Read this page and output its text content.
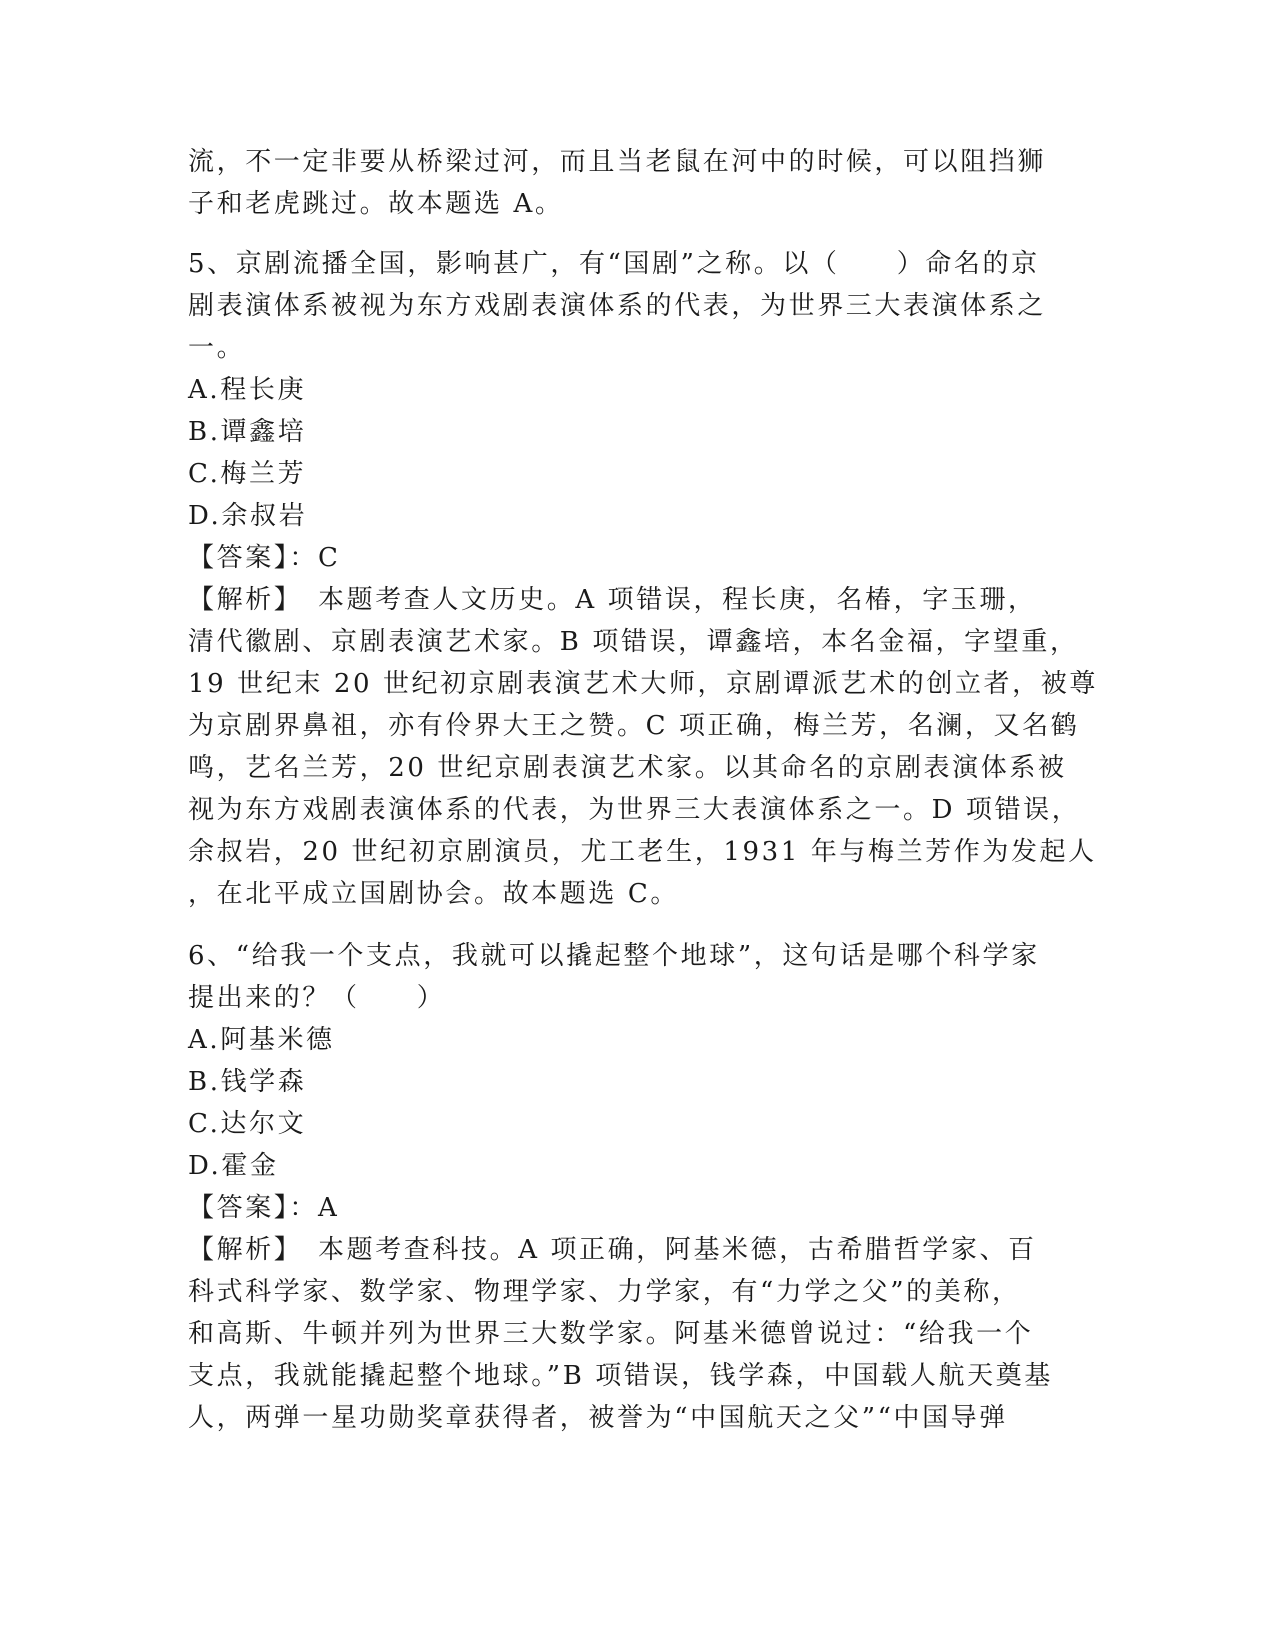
流，不一定非要从桥梁过河，而且当老鼠在河中的时候，可以阻挡狮
子和老虎跳过。故本题选 A。
5、京剧流播全国，影响甚广，有“国剧”之称。以（　　）命名的京
剧表演体系被视为东方戏剧表演体系的代表，为世界三大表演体系之
一。
A.程长庚
B.谭鑫培
C.梅兰芳
D.余叔岩
【答案】：C
【解析】　本题考查人文历史。A 项错误，程长庚，名椿，字玉珊，
清代徽剧、京剧表演艺术家。B 项错误，谭鑫培，本名金福，字望重，
19 世纪末 20 世纪初京剧表演艺术大师，京剧谭派艺术的创立者，被尊
为京剧界鼻祖，亦有伶界大王之赞。C 项正确，梅兰芳，名澜，又名鹤
鸣，艺名兰芳，20 世纪京剧表演艺术家。以其命名的京剧表演体系被
视为东方戏剧表演体系的代表，为世界三大表演体系之一。D 项错误，
余叔岩，20 世纪初京剧演员，尤工老生，1931 年与梅兰芳作为发起人
，在北平成立国剧协会。故本题选 C。
6、“给我一个支点，我就可以撬起整个地球”，这句话是哪个科学家
提出来的？（　　）
A.阿基米德
B.钱学森
C.达尔文
D.霍金
【答案】：A
【解析】　本题考查科技。A 项正确，阿基米德，古希腊哲学家、百
科式科学家、数学家、物理学家、力学家，有“力学之父”的美称，
和高斯、牛顿并列为世界三大数学家。阿基米德曾说过：“给我一个
支点，我就能撬起整个地球。”B 项错误，钱学森，中国载人航天奠基
人，两弹一星功勋奖章获得者，被誉为“中国航天之父”“中国导弹
